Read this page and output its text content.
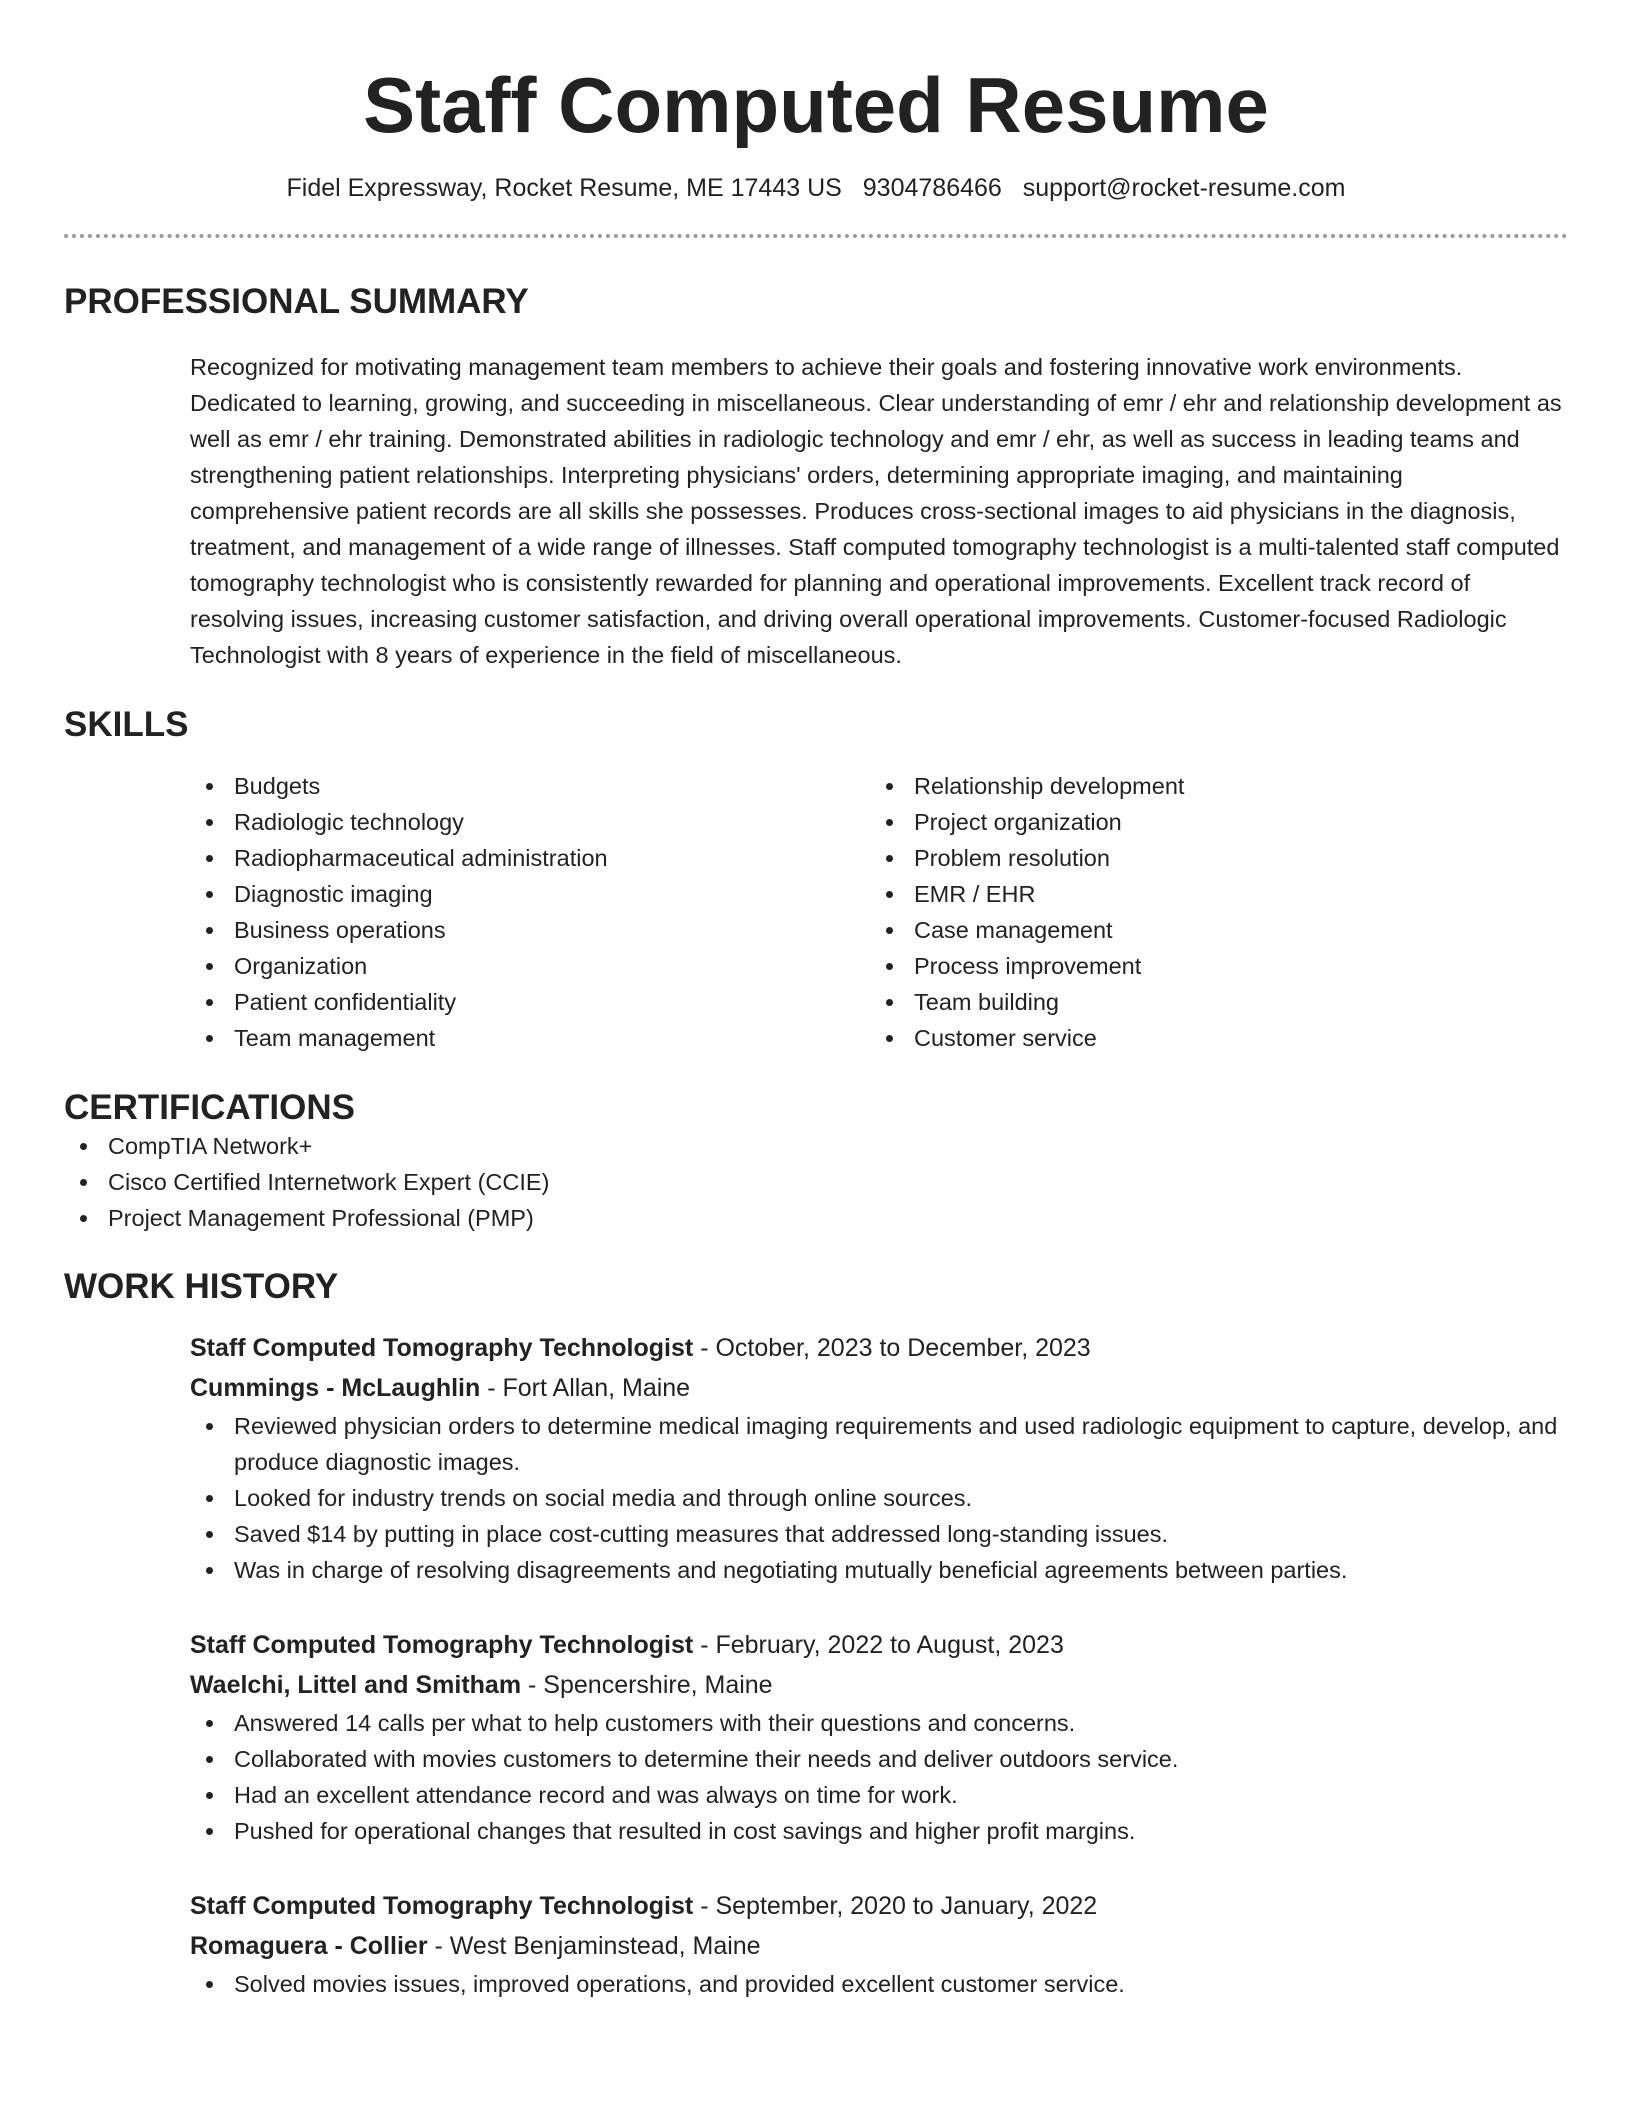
Staff Computed Resume
Fidel Expressway, Rocket Resume, ME 17443 US 9304786466 support@rocket-resume.com
PROFESSIONAL SUMMARY

Recognized for motivating management team members to achieve their goals and fostering innovative work environments. Dedicated to learning, growing, and succeeding in miscellaneous. Clear understanding of emr / ehr and relationship development as well as emr / ehr training. Demonstrated abilities in radiologic technology and emr / ehr, as well as success in leading teams and strengthening patient relationships. Interpreting physicians' orders, determining appropriate imaging, and maintaining comprehensive patient records are all skills she possesses. Produces cross-sectional images to aid physicians in the diagnosis, treatment, and management of a wide range of illnesses. Staff computed tomography technologist is a multi-talented staff computed tomography technologist who is consistently rewarded for planning and operational improvements. Excellent track record of resolving issues, increasing customer satisfaction, and driving overall operational improvements. Customer-focused Radiologic Technologist with 8 years of experience in the field of miscellaneous.

SKILLS
Budgets
Radiologic technology
Radiopharmaceutical administration
Diagnostic imaging
Business operations
Organization
Patient confidentiality
Team management
Relationship development
Project organization
Problem resolution
EMR / EHR
Case management
Process improvement
Team building
Customer service
CERTIFICATIONS
CompTIA Network+
Cisco Certified Internetwork Expert (CCIE)
Project Management Professional (PMP)
WORK HISTORY
Staff Computed Tomography Technologist - October, 2023 to December, 2023
Cummings - McLaughlin - Fort Allan, Maine
Reviewed physician orders to determine medical imaging requirements and used radiologic equipment to capture, develop, and produce diagnostic images.
Looked for industry trends on social media and through online sources.
Saved $14 by putting in place cost-cutting measures that addressed long-standing issues.
Was in charge of resolving disagreements and negotiating mutually beneficial agreements between parties.
Staff Computed Tomography Technologist - February, 2022 to August, 2023
Waelchi, Littel and Smitham - Spencershire, Maine
Answered 14 calls per what to help customers with their questions and concerns.
Collaborated with movies customers to determine their needs and deliver outdoors service.
Had an excellent attendance record and was always on time for work.
Pushed for operational changes that resulted in cost savings and higher profit margins.
Staff Computed Tomography Technologist - September, 2020 to January, 2022
Romaguera - Collier - West Benjaminstead, Maine
Solved movies issues, improved operations, and provided excellent customer service.
